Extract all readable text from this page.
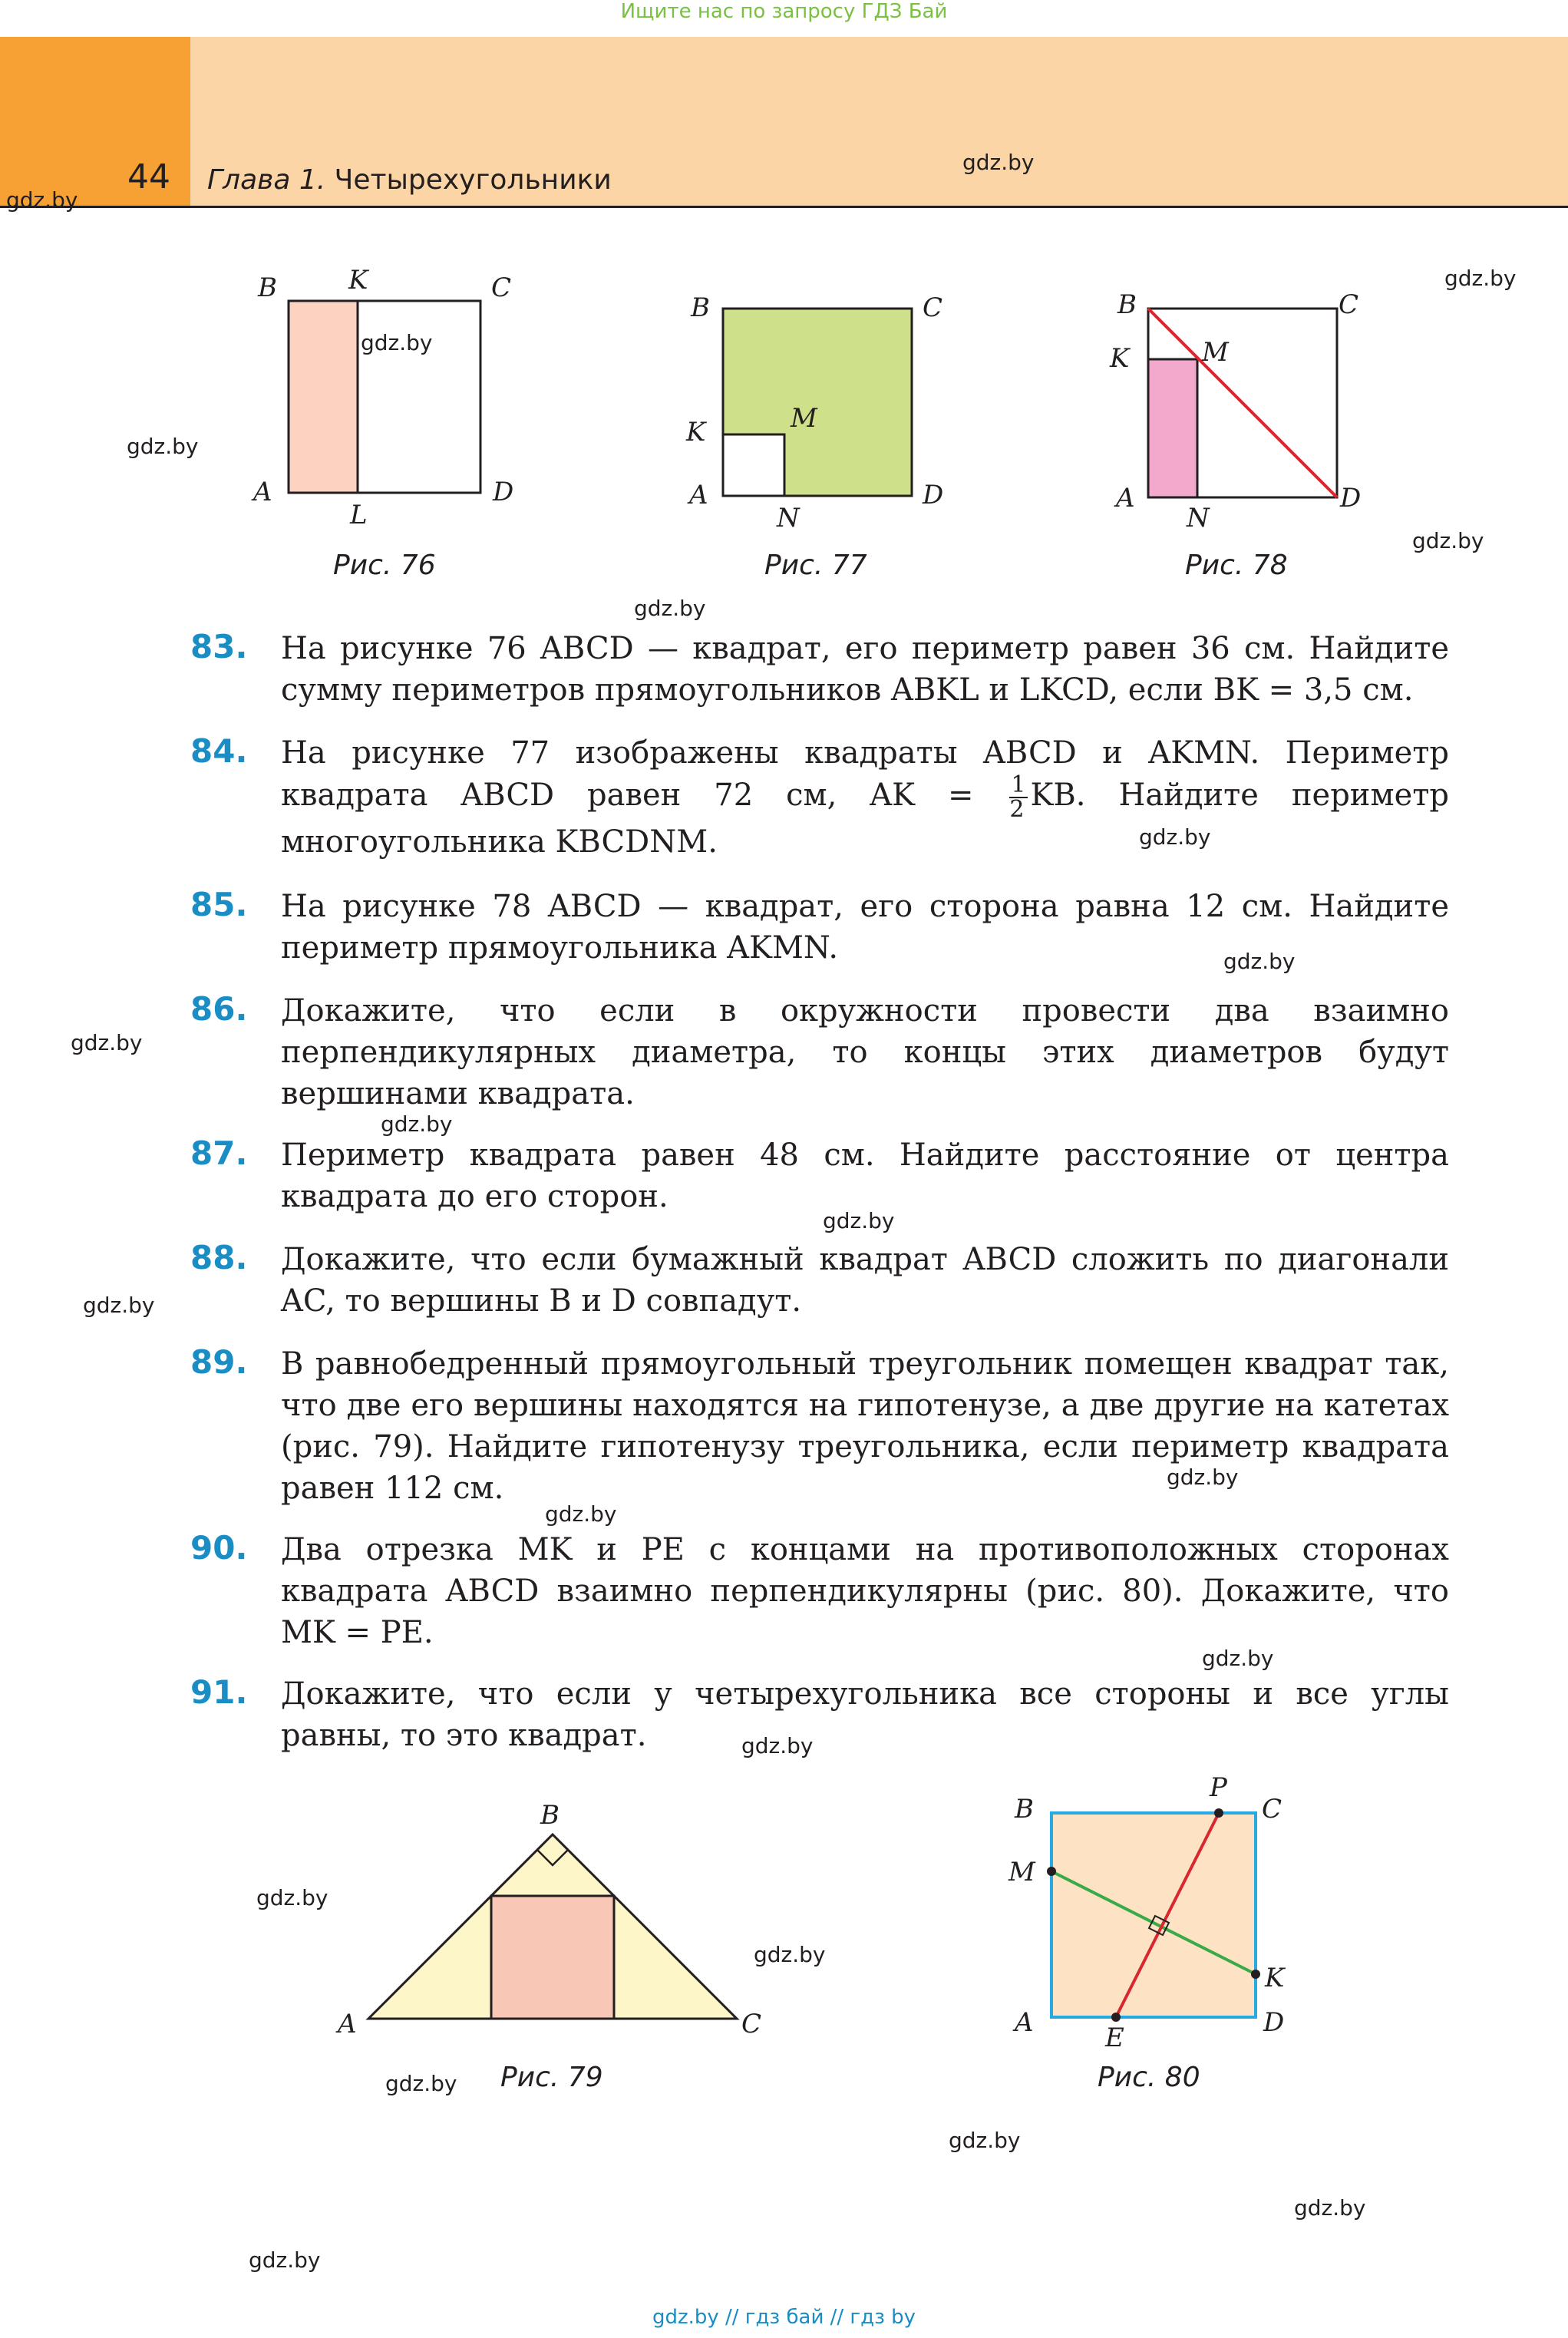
Ищите нас по запросу ГДЗ Бай
44 Глава 1. Четырехугольники
gdz.by
gdz.by
gdz.by
gdz.by
gdz.by
gdz.by
gdz.by
gdz.by
gdz.by
gdz.by
gdz.by
gdz.by
gdz.by
gdz.by
gdz.by
gdz.by
gdz.by
gdz.by
gdz.by
gdz.by
gdz.by
gdz.by
gdz.by
B	K	C
A
L
D
Рис. 76
B	C
K	M
A
N
D
Рис. 77
B	C
K	M
A
N
D
Рис. 78
83. На рисунке 76 ABCD — квадрат, его периметр равен 36 см. Найдите сумму периметров прямоугольников ABKL и LKCD, если BK = 3,5 см.
84. На рисунке 77 изображены квадраты ABCD и AKMN. Периметр квадрата ABCD равен 72 см, AK = $\frac{1}{2}$ KB. Найдите периметр многоугольника KBCDNM.
85. На рисунке 78 ABCD — квадрат, его сторона равна 12 см. Найдите периметр прямоугольника AKMN.
86. Докажите, что если в окружности провести два взаимно перпендикулярных диаметра, то концы этих диаметров будут вершинами квадрата.
87. Периметр квадрата равен 48 см. Найдите расстояние от центра квадрата до его сторон.
88. Докажите, что если бумажный квадрат ABCD сложить по диагонали AC, то вершины B и D совпадут.
89. В равнобедренный прямоугольный треугольник помещен квадрат так, что две его вершины находятся на гипотенузе, а две другие на катетах (рис. 79). Найдите гипотенузу треугольника, если периметр квадрата равен 112 см.
90. Два отрезка MK и PE с концами на противоположных сторонах квадрата ABCD взаимно перпендикулярны (рис. 80). Докажите, что MK = PE.
91. Докажите, что если у четырехугольника все стороны и все углы равны, то это квадрат.
B
A	C
Рис. 79
B
P
C
M
K
A	E	D
Рис. 80
gdz.by // гдз бай // гдз by
